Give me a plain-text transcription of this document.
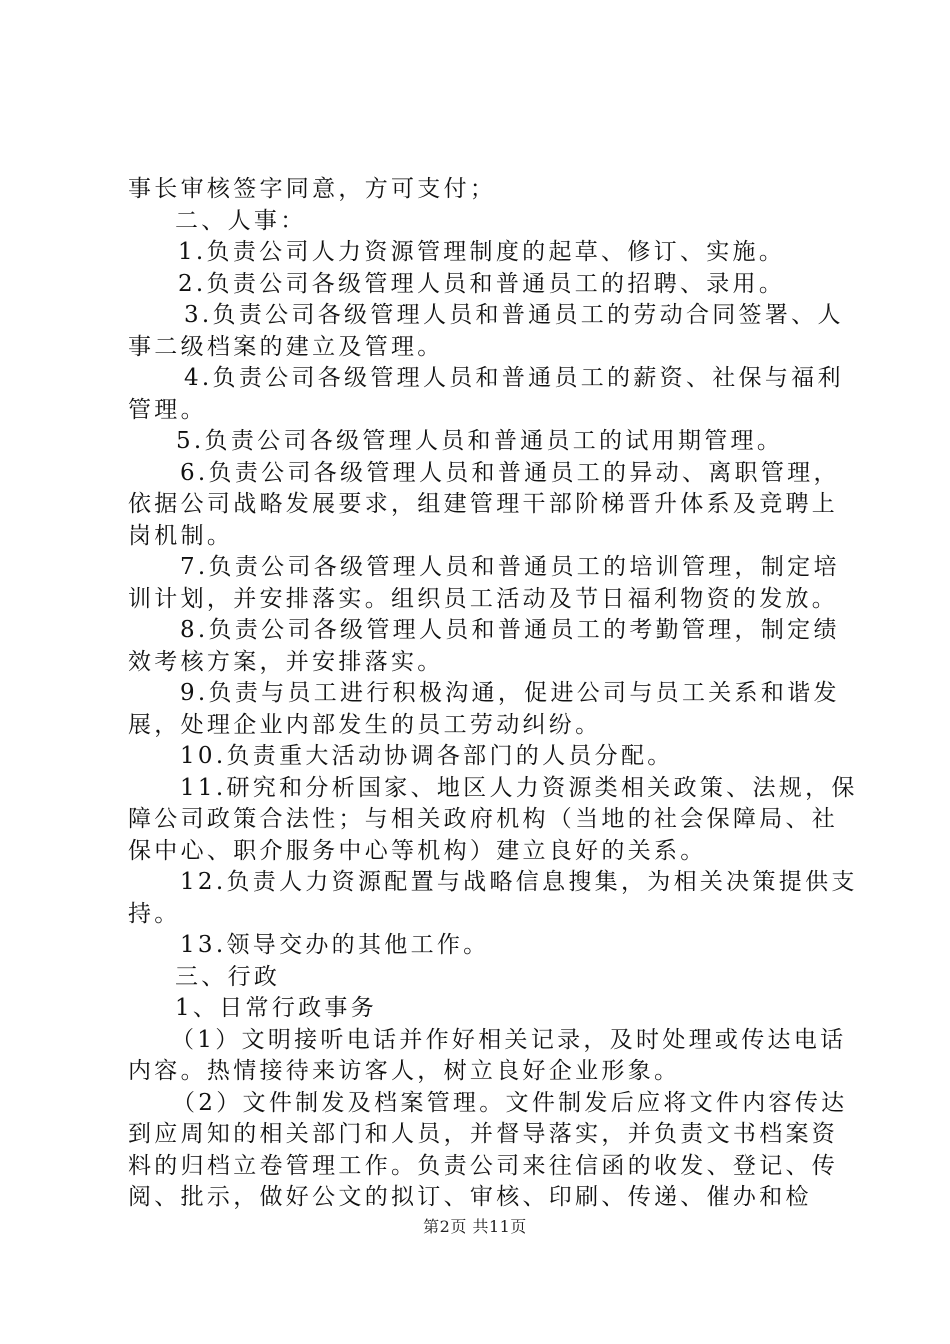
事长审核签字同意，方可支付；
二、人事：
1.负责公司人力资源管理制度的起草、修订、实施。
2.负责公司各级管理人员和普通员工的招聘、录用。
3.负责公司各级管理人员和普通员工的劳动合同签署、人
事二级档案的建立及管理。
4.负责公司各级管理人员和普通员工的薪资、社保与福利
管理。
5.负责公司各级管理人员和普通员工的试用期管理。
6.负责公司各级管理人员和普通员工的异动、离职管理，
依据公司战略发展要求，组建管理干部阶梯晋升体系及竞聘上
岗机制。
7.负责公司各级管理人员和普通员工的培训管理，制定培
训计划，并安排落实。组织员工活动及节日福利物资的发放。
8.负责公司各级管理人员和普通员工的考勤管理，制定绩
效考核方案，并安排落实。
9.负责与员工进行积极沟通，促进公司与员工关系和谐发
展，处理企业内部发生的员工劳动纠纷。
10.负责重大活动协调各部门的人员分配。
11.研究和分析国家、地区人力资源类相关政策、法规，保
障公司政策合法性；与相关政府机构（当地的社会保障局、社
保中心、职介服务中心等机构）建立良好的关系。
12.负责人力资源配置与战略信息搜集，为相关决策提供支
持。
13.领导交办的其他工作。
三、行政
1、日常行政事务
（1）文明接听电话并作好相关记录，及时处理或传达电话
内容。热情接待来访客人，树立良好企业形象。
（2）文件制发及档案管理。文件制发后应将文件内容传达
到应周知的相关部门和人员，并督导落实，并负责文书档案资
料的归档立卷管理工作。负责公司来往信函的收发、登记、传
阅、批示，做好公文的拟订、审核、印刷、传递、催办和检
第2页 共11页
